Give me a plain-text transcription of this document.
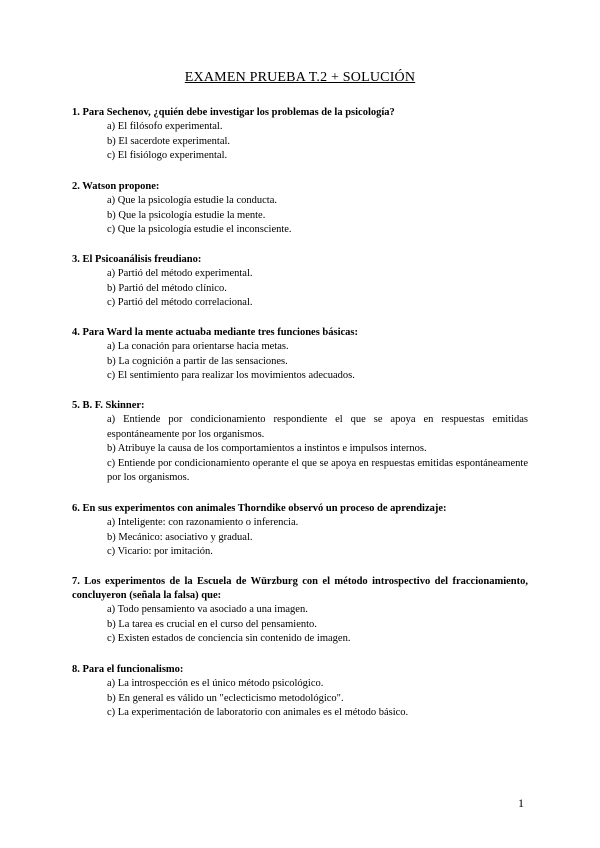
EXAMEN PRUEBA T.2 + SOLUCIÓN
1. Para Sechenov, ¿quién debe investigar los problemas de la psicología?
a) El filósofo experimental.
b) El sacerdote experimental.
c) El fisiólogo experimental.
2. Watson propone:
a) Que la psicología estudie la conducta.
b) Que la psicología estudie la mente.
c) Que la psicología estudie el inconsciente.
3. El Psicoanálisis freudiano:
a) Partió del método experimental.
b) Partió del método clínico.
c) Partió del método correlacional.
4. Para Ward la mente actuaba mediante tres funciones básicas:
a) La conación para orientarse hacia metas.
b) La cognición a partir de las sensaciones.
c) El sentimiento para realizar los movimientos adecuados.
5. B. F. Skinner:
a) Entiende por condicionamiento respondiente el que se apoya en respuestas emitidas espontáneamente por los organismos.
b) Atribuye la causa de los comportamientos a instintos e impulsos internos.
c) Entiende por condicionamiento operante el que se apoya en respuestas emitidas espontáneamente por los organismos.
6. En sus experimentos con animales Thorndike observó un proceso de aprendizaje:
a) Inteligente: con razonamiento o inferencia.
b) Mecánico: asociativo y gradual.
c) Vicario: por imitación.
7. Los experimentos de la Escuela de Würzburg con el método introspectivo del fraccionamiento, concluyeron (señala la falsa) que:
a) Todo pensamiento va asociado a una imagen.
b) La tarea es crucial en el curso del pensamiento.
c) Existen estados de conciencia sin contenido de imagen.
8. Para el funcionalismo:
a) La introspección es el único método psicológico.
b) En general es válido un "eclecticismo metodológico".
c) La experimentación de laboratorio con animales es el método básico.
1
